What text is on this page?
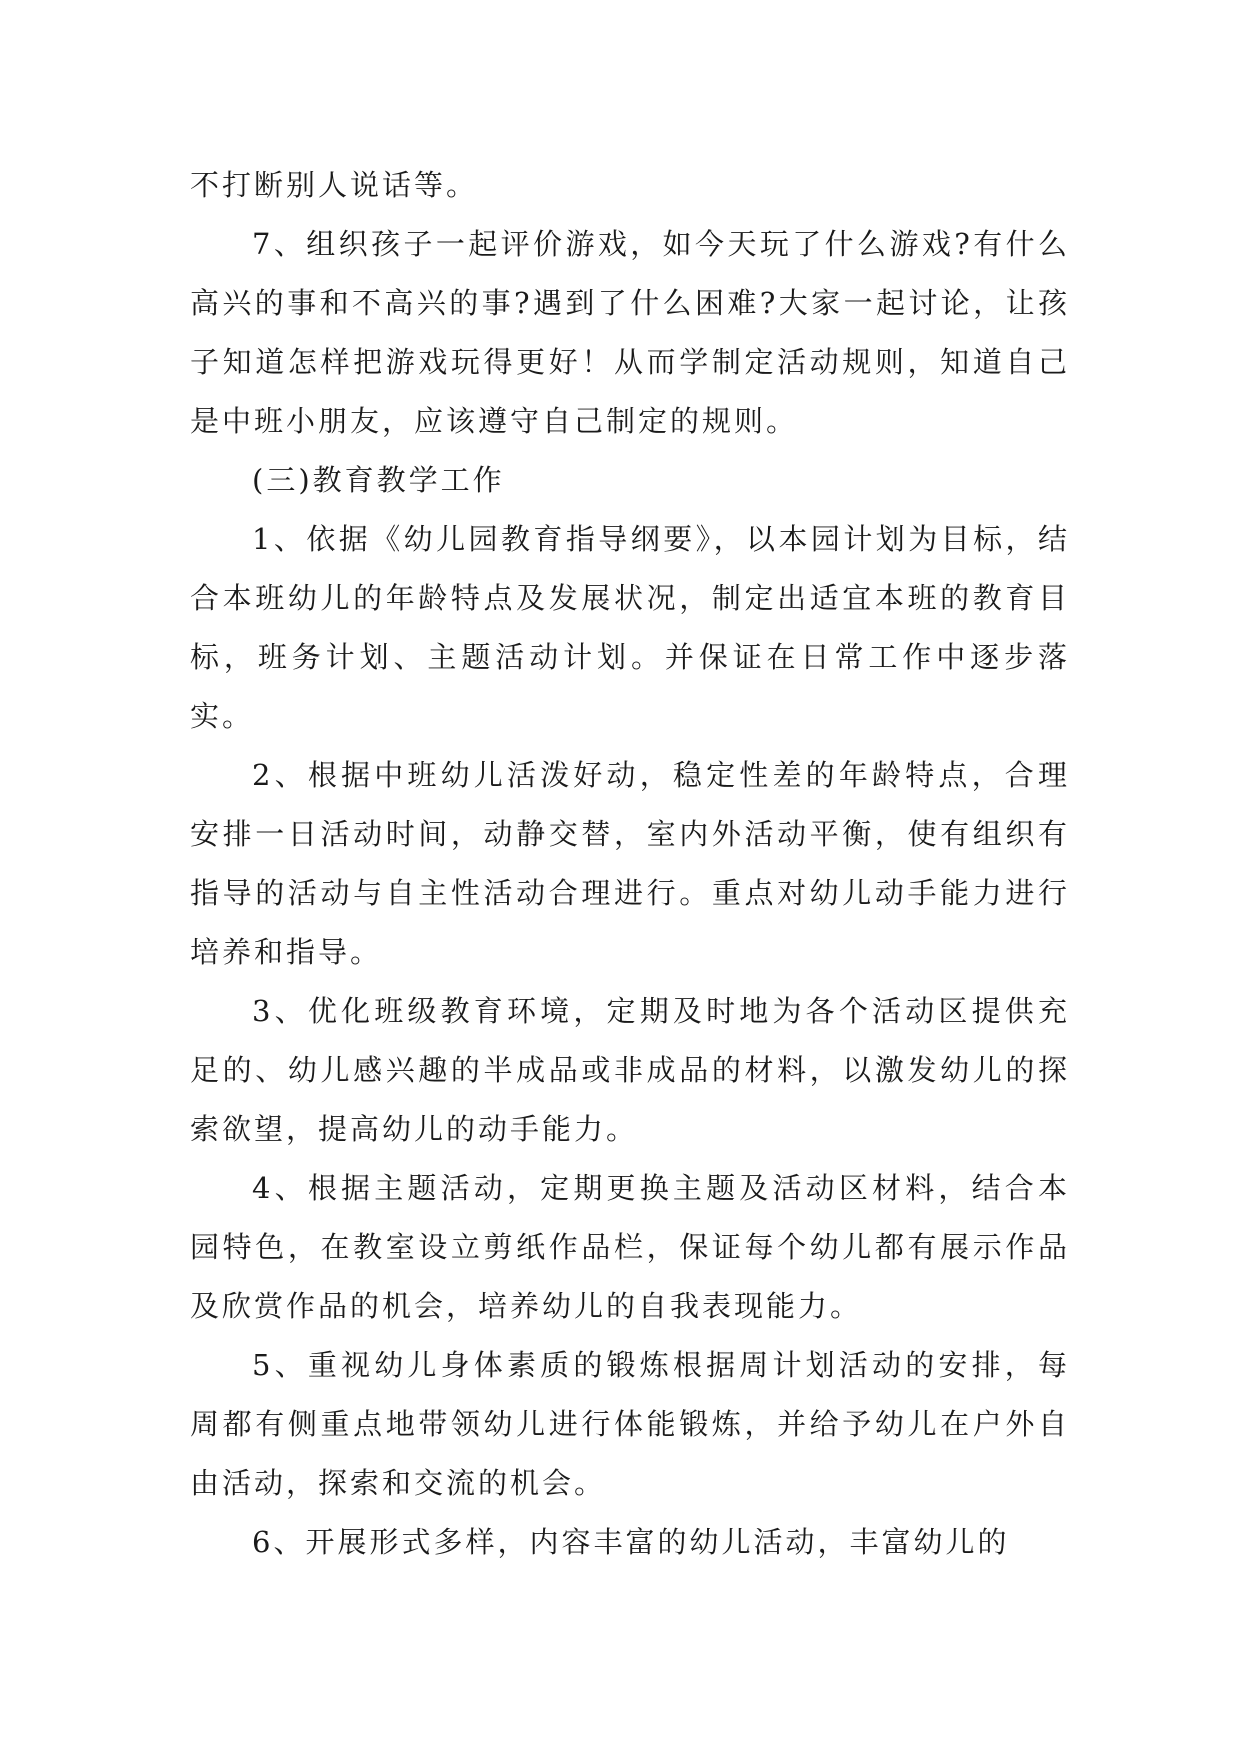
不打断别人说话等。

7、组织孩子一起评价游戏，如今天玩了什么游戏?有什么高兴的事和不高兴的事?遇到了什么困难?大家一起讨论，让孩子知道怎样把游戏玩得更好！从而学制定活动规则，知道自己是中班小朋友，应该遵守自己制定的规则。

(三)教育教学工作

1、依据《幼儿园教育指导纲要》，以本园计划为目标，结合本班幼儿的年龄特点及发展状况，制定出适宜本班的教育目标，班务计划、主题活动计划。并保证在日常工作中逐步落实。

2、根据中班幼儿活泼好动，稳定性差的年龄特点，合理安排一日活动时间，动静交替，室内外活动平衡，使有组织有指导的活动与自主性活动合理进行。重点对幼儿动手能力进行培养和指导。

3、优化班级教育环境，定期及时地为各个活动区提供充足的、幼儿感兴趣的半成品或非成品的材料，以激发幼儿的探索欲望，提高幼儿的动手能力。

4、根据主题活动，定期更换主题及活动区材料，结合本园特色，在教室设立剪纸作品栏，保证每个幼儿都有展示作品及欣赏作品的机会，培养幼儿的自我表现能力。

5、重视幼儿身体素质的锻炼根据周计划活动的安排，每周都有侧重点地带领幼儿进行体能锻炼，并给予幼儿在户外自由活动，探索和交流的机会。

6、开展形式多样，内容丰富的幼儿活动，丰富幼儿的
